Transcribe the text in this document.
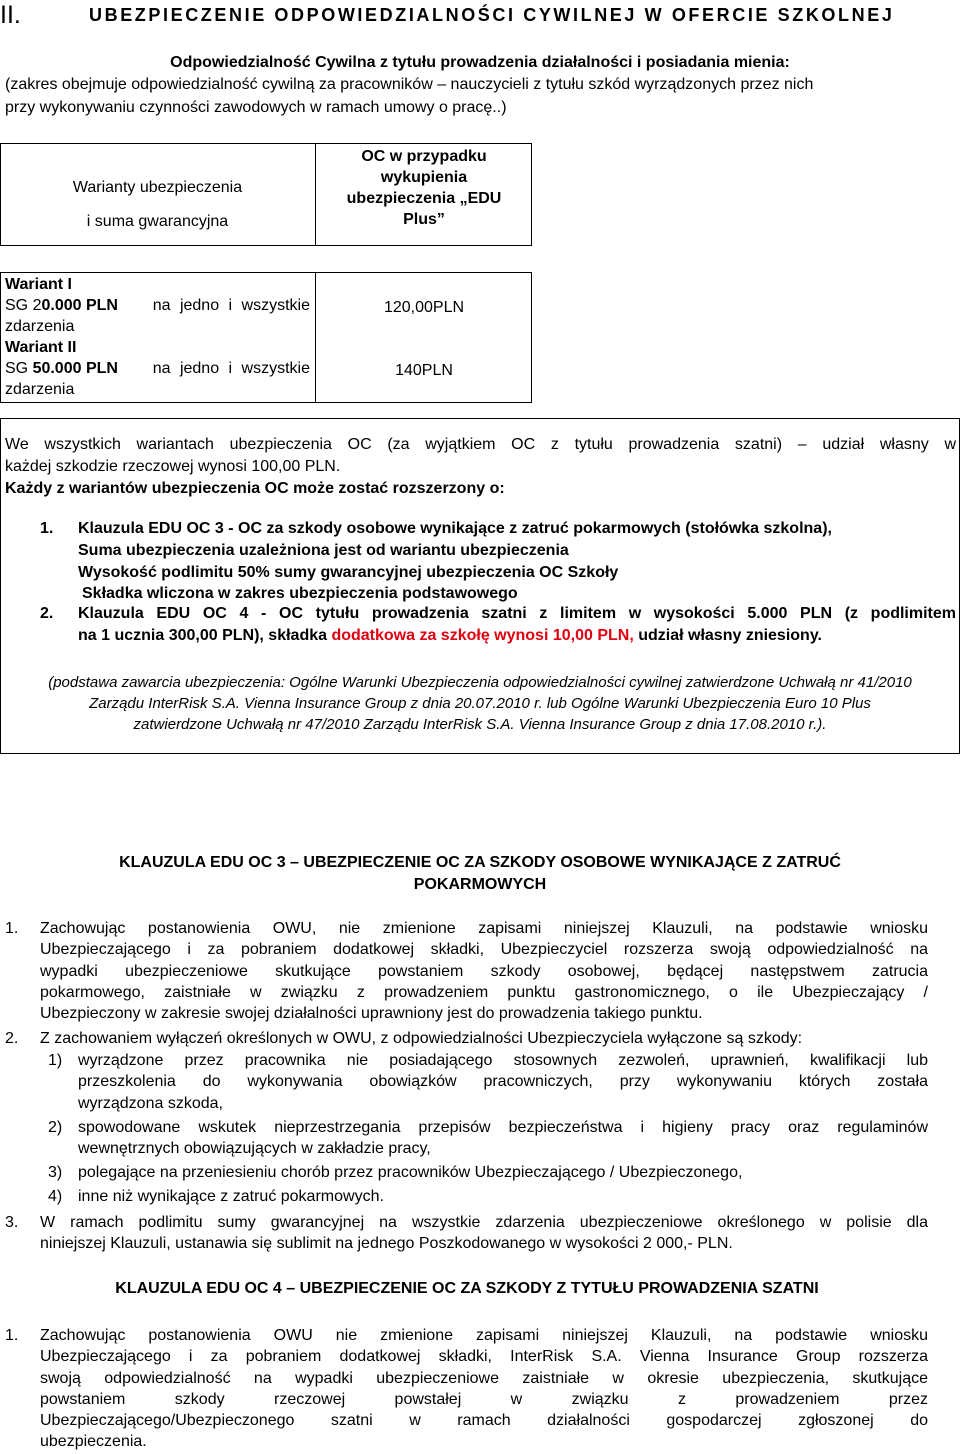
II.	UBEZPIECZENIE ODPOWIEDZIALNOŚCI CYWILNEJ W OFERCIE SZKOLNEJ
Odpowiedzialność Cywilna z tytułu prowadzenia działalności i posiadania mienia:
(zakres obejmuje odpowiedzialność cywilną za pracowników – nauczycieli z tytułu szkód wyrządzonych przez nich
przy wykonywaniu czynności zawodowych w ramach umowy o pracę..)
Warianty ubezpieczenia
i suma gwarancyjna
OC w przypadku
wykupienia
ubezpieczenia „EDU
Plus”
Wariant I
SG 20.000 PLN na jedno i wszystkie
zdarzenia
Wariant II
SG 50.000 PLN na jedno i wszystkie
zdarzenia
120,00PLN
140PLN
We wszystkich wariantach ubezpieczenia OC (za wyjątkiem OC z tytułu prowadzenia szatni) – udział własny w
każdej szkodzie rzeczowej wynosi 100,00 PLN.
Każdy z wariantów ubezpieczenia OC może zostać rozszerzony o:
1. Klauzula EDU OC 3 - OC za szkody osobowe wynikające z zatruć pokarmowych (stołówka szkolna),
Suma ubezpieczenia uzależniona jest od wariantu ubezpieczenia
Wysokość podlimitu 50% sumy gwarancyjnej ubezpieczenia OC Szkoły
Składka wliczona w zakres ubezpieczenia podstawowego
2. Klauzula EDU OC 4 - OC tytułu prowadzenia szatni z limitem w wysokości 5.000 PLN (z podlimitem
na 1 ucznia 300,00 PLN), składka dodatkowa za szkołę wynosi 10,00 PLN, udział własny zniesiony.
(podstawa zawarcia ubezpieczenia: Ogólne Warunki Ubezpieczenia odpowiedzialności cywilnej zatwierdzone Uchwałą nr 41/2010
Zarządu InterRisk S.A. Vienna Insurance Group z dnia 20.07.2010 r. lub Ogólne Warunki Ubezpieczenia Euro 10 Plus
zatwierdzone Uchwałą nr 47/2010 Zarządu InterRisk S.A. Vienna Insurance Group z dnia 17.08.2010 r.).
KLAUZULA EDU OC 3 – UBEZPIECZENIE OC ZA SZKODY OSOBOWE WYNIKAJĄCE Z ZATRUĆ
POKARMOWYCH
1. Zachowując postanowienia OWU, nie zmienione zapisami niniejszej Klauzuli, na podstawie wniosku
Ubezpieczającego i za pobraniem dodatkowej składki, Ubezpieczyciel rozszerza swoją odpowiedzialność na
wypadki ubezpieczeniowe skutkujące powstaniem szkody osobowej, będącej następstwem zatrucia
pokarmowego, zaistniałe w związku z prowadzeniem punktu gastronomicznego, o ile Ubezpieczający /
Ubezpieczony w zakresie swojej działalności uprawniony jest do prowadzenia takiego punktu.
2. Z zachowaniem wyłączeń określonych w OWU, z odpowiedzialności Ubezpieczyciela wyłączone są szkody:
1) wyrządzone przez pracownika nie posiadającego stosownych zezwoleń, uprawnień, kwalifikacji lub
przeszkolenia do wykonywania obowiązków pracowniczych, przy wykonywaniu których została
wyrządzona szkoda,
2) spowodowane wskutek nieprzestrzegania przepisów bezpieczeństwa i higieny pracy oraz regulaminów
wewnętrznych obowiązujących w zakładzie pracy,
3) polegające na przeniesieniu chorób przez pracowników Ubezpieczającego / Ubezpieczonego,
4) inne niż wynikające z zatruć pokarmowych.
3. W ramach podlimitu sumy gwarancyjnej na wszystkie zdarzenia ubezpieczeniowe określonego w polisie dla
niniejszej Klauzuli, ustanawia się sublimit na jednego Poszkodowanego w wysokości 2 000,- PLN.
KLAUZULA EDU OC 4 – UBEZPIECZENIE OC ZA SZKODY Z TYTUŁU PROWADZENIA SZATNI
1. Zachowując postanowienia OWU nie zmienione zapisami niniejszej Klauzuli, na podstawie wniosku
Ubezpieczającego i za pobraniem dodatkowej składki, InterRisk S.A. Vienna Insurance Group rozszerza
swoją odpowiedzialność na wypadki ubezpieczeniowe zaistniałe w okresie ubezpieczenia, skutkujące
powstaniem szkody rzeczowej powstałej w związku z prowadzeniem przez
Ubezpieczającego/Ubezpieczonego szatni w ramach działalności gospodarczej zgłoszonej do
ubezpieczenia.
